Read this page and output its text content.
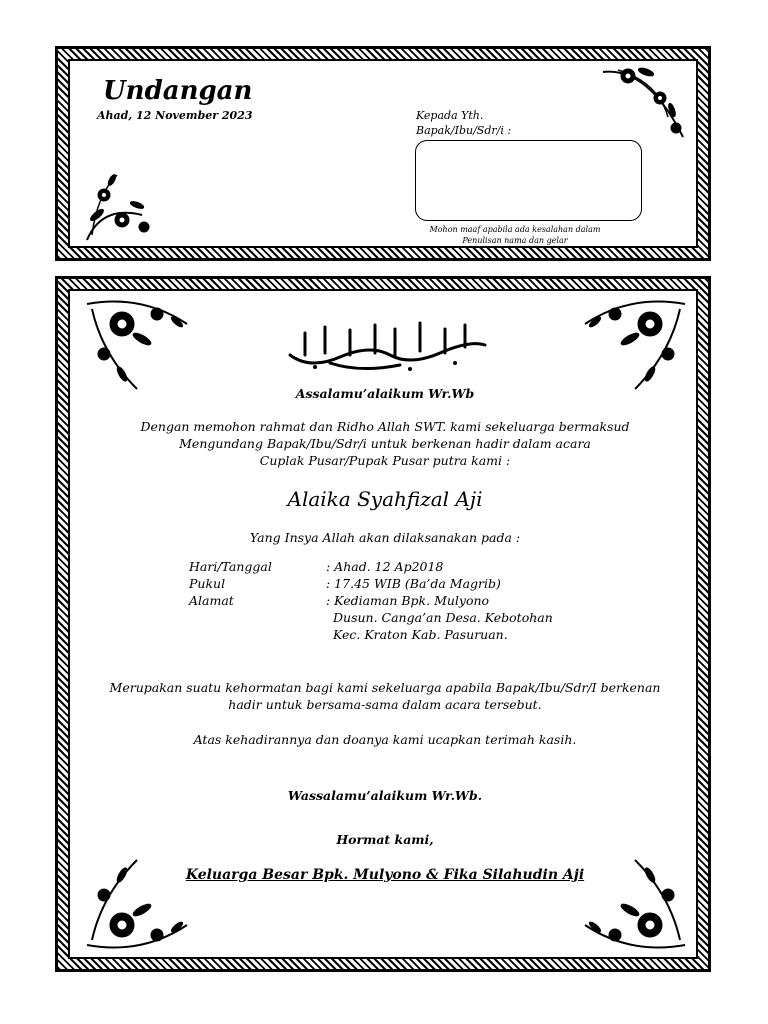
Undangan
Ahad, 12 November 2023	Kepada Yth.
Bapak/Ibu/Sdr/i :
Mohon maaf apabila ada kesalahan dalam
Penulisan nama dan gelar
Assalamu’alaikum Wr.Wb
Dengan memohon rahmat dan Ridho Allah SWT. kami sekeluarga bermaksud
Mengundang Bapak/Ibu/Sdr/i untuk berkenan hadir dalam acara
Cuplak Pusar/Pupak Pusar putra kami :
Alaika Syahfizal Aji
Yang Insya Allah akan dilaksanakan pada :
Hari/Tanggal	: Ahad. 12 Ap2018
Pukul	: 17.45 WIB (Ba’da Magrib)
Alamat	: Kediaman Bpk. Mulyono
Dusun. Canga’an Desa. Kebotohan
Kec. Kraton Kab. Pasuruan.
Merupakan suatu kehormatan bagi kami sekeluarga apabila Bapak/Ibu/Sdr/I berkenan
hadir untuk bersama-sama dalam acara tersebut.
Atas kehadirannya dan doanya kami ucapkan terimah kasih.
Wassalamu’alaikum Wr.Wb.
Hormat kami,
Keluarga Besar Bpk. Mulyono & Fika Silahudin Aji
